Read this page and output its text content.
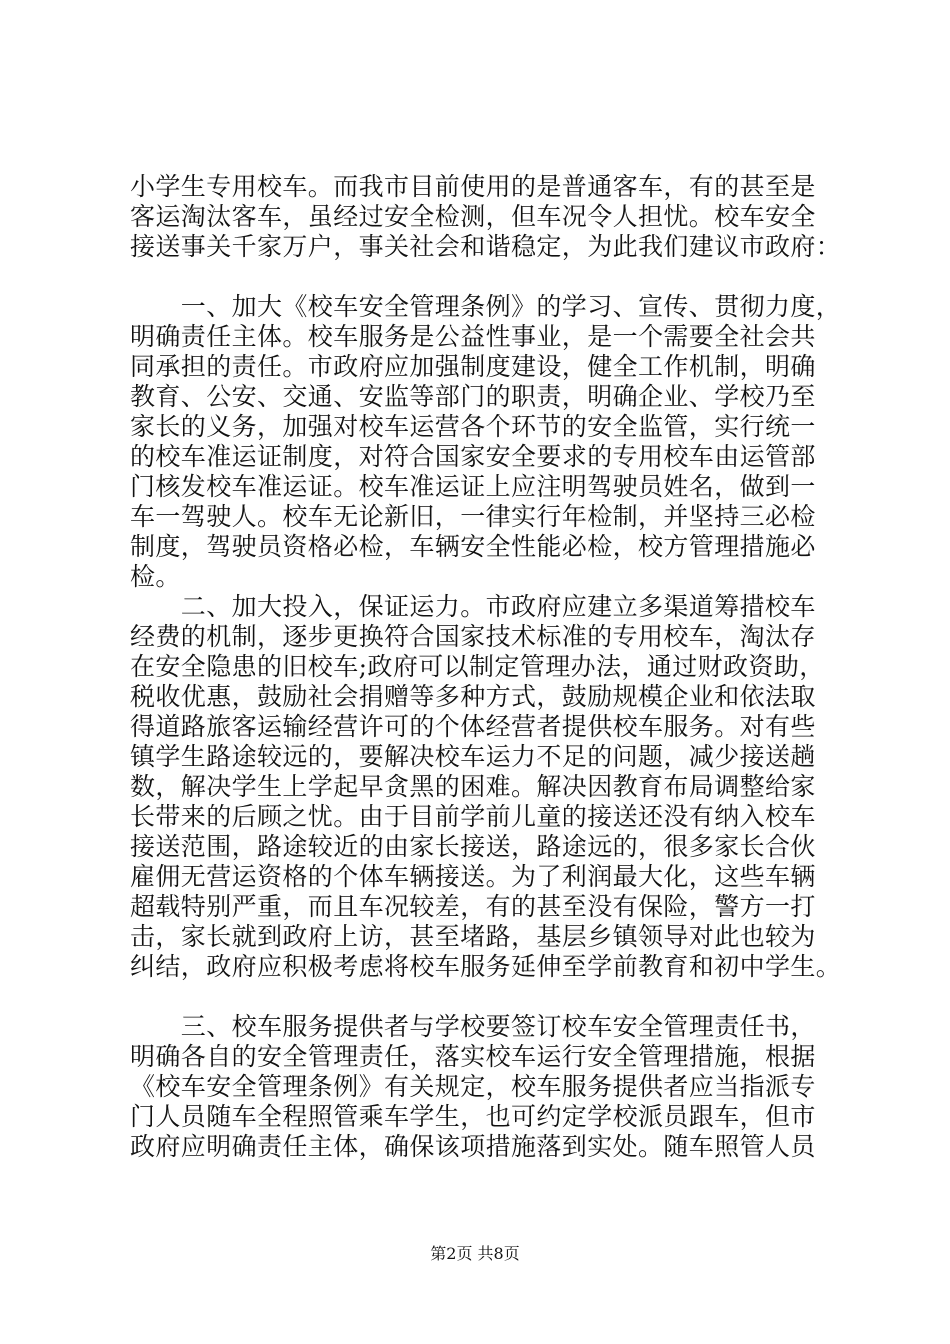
小学生专用校车。而我市目前使用的是普通客车，有的甚至是
客运淘汰客车，虽经过安全检测，但车况令人担忧。校车安全
接送事关千家万户，事关社会和谐稳定，为此我们建议市政府：
　　一、加大《校车安全管理条例》的学习、宣传、贯彻力度，
明确责任主体。校车服务是公益性事业，是一个需要全社会共
同承担的责任。市政府应加强制度建设，健全工作机制，明确
教育、公安、交通、安监等部门的职责，明确企业、学校乃至
家长的义务，加强对校车运营各个环节的安全监管，实行统一
的校车准运证制度，对符合国家安全要求的专用校车由运管部
门核发校车准运证。校车准运证上应注明驾驶员姓名，做到一
车一驾驶人。校车无论新旧，一律实行年检制，并坚持三必检
制度，驾驶员资格必检，车辆安全性能必检，校方管理措施必
检。
　　二、加大投入，保证运力。市政府应建立多渠道筹措校车
经费的机制，逐步更换符合国家技术标准的专用校车，淘汰存
在安全隐患的旧校车;政府可以制定管理办法，通过财政资助，
税收优惠，鼓励社会捐赠等多种方式，鼓励规模企业和依法取
得道路旅客运输经营许可的个体经营者提供校车服务。对有些
镇学生路途较远的，要解决校车运力不足的问题，减少接送趟
数，解决学生上学起早贪黑的困难。解决因教育布局调整给家
长带来的后顾之忧。由于目前学前儿童的接送还没有纳入校车
接送范围，路途较近的由家长接送，路途远的，很多家长合伙
雇佣无营运资格的个体车辆接送。为了利润最大化，这些车辆
超载特别严重，而且车况较差，有的甚至没有保险，警方一打
击，家长就到政府上访，甚至堵路，基层乡镇领导对此也较为
纠结，政府应积极考虑将校车服务延伸至学前教育和初中学生。
　　三、校车服务提供者与学校要签订校车安全管理责任书，
明确各自的安全管理责任，落实校车运行安全管理措施，根据
《校车安全管理条例》有关规定，校车服务提供者应当指派专
门人员随车全程照管乘车学生，也可约定学校派员跟车，但市
政府应明确责任主体，确保该项措施落到实处。随车照管人员
第2页 共8页
